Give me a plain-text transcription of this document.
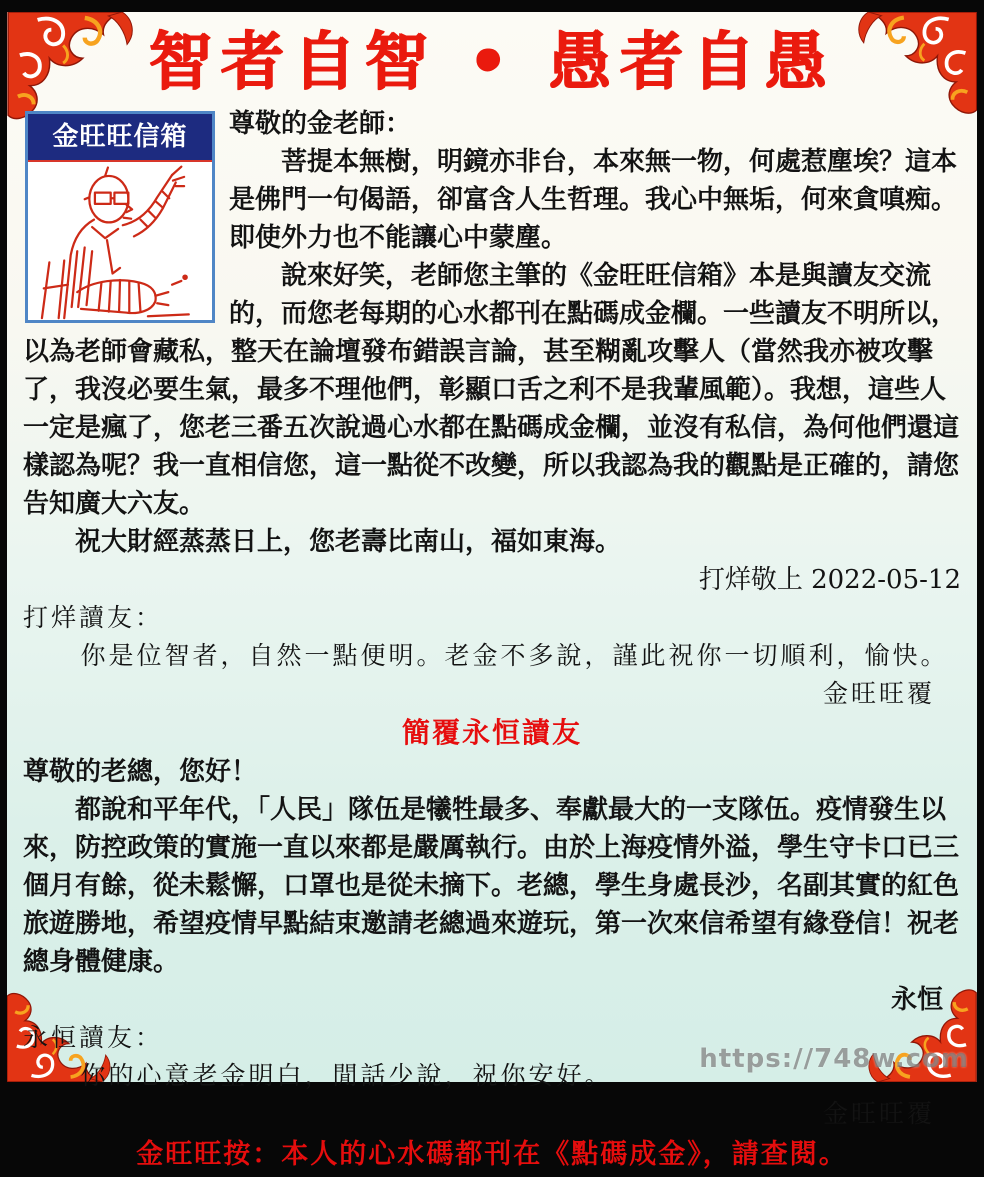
智者自智 • 愚者自愚
金旺旺信箱	尊敬的金老師：

菩提本無樹，明鏡亦非台，本來無一物，何處惹塵埃？這本是佛門一句偈語，卻富含人生哲理。我心中無垢，何來貪嗔痴。即使外力也不能讓心中蒙塵。

說來好笑，老師您主筆的《金旺旺信箱》本是與讀友交流的，而您老每期的心水都刊在點碼成金欄。一些讀友不明所以，以為老師會藏私，整天在論壇發布錯誤言論，甚至糊亂攻擊人（當然我亦被攻擊了，我沒必要生氣，最多不理他們，彰顯口舌之利不是我輩風範）。我想，這些人一定是瘋了，您老三番五次說過心水都在點碼成金欄，並沒有私信，為何他們還這樣認為呢？我一直相信您，這一點從不改變，所以我認為我的觀點是正確的，請您告知廣大六友。

祝大財經蒸蒸日上，您老壽比南山，福如東海。

打烊敬上 2022-05-12

打烊讀友：

你是位智者，自然一點便明。老金不多說，謹此祝你一切順利，愉快。

金旺旺覆

簡覆永恒讀友

尊敬的老總，您好！

都說和平年代，「人民」隊伍是犧牲最多、奉獻最大的一支隊伍。疫情發生以來，防控政策的實施一直以來都是嚴厲執行。由於上海疫情外溢，學生守卡口已三個月有餘，從未鬆懈，口罩也是從未摘下。老總，學生身處長沙，名副其實的紅色旅遊勝地，希望疫情早點結束邀請老總過來遊玩，第一次來信希望有緣登信！祝老總身體健康。

永恒

永恒讀友：

你的心意老金明白，閒話少說，祝你安好。

金旺旺覆

金旺旺按：本人的心水碼都刊在《點碼成金》，請查閱。

https://748w.com
